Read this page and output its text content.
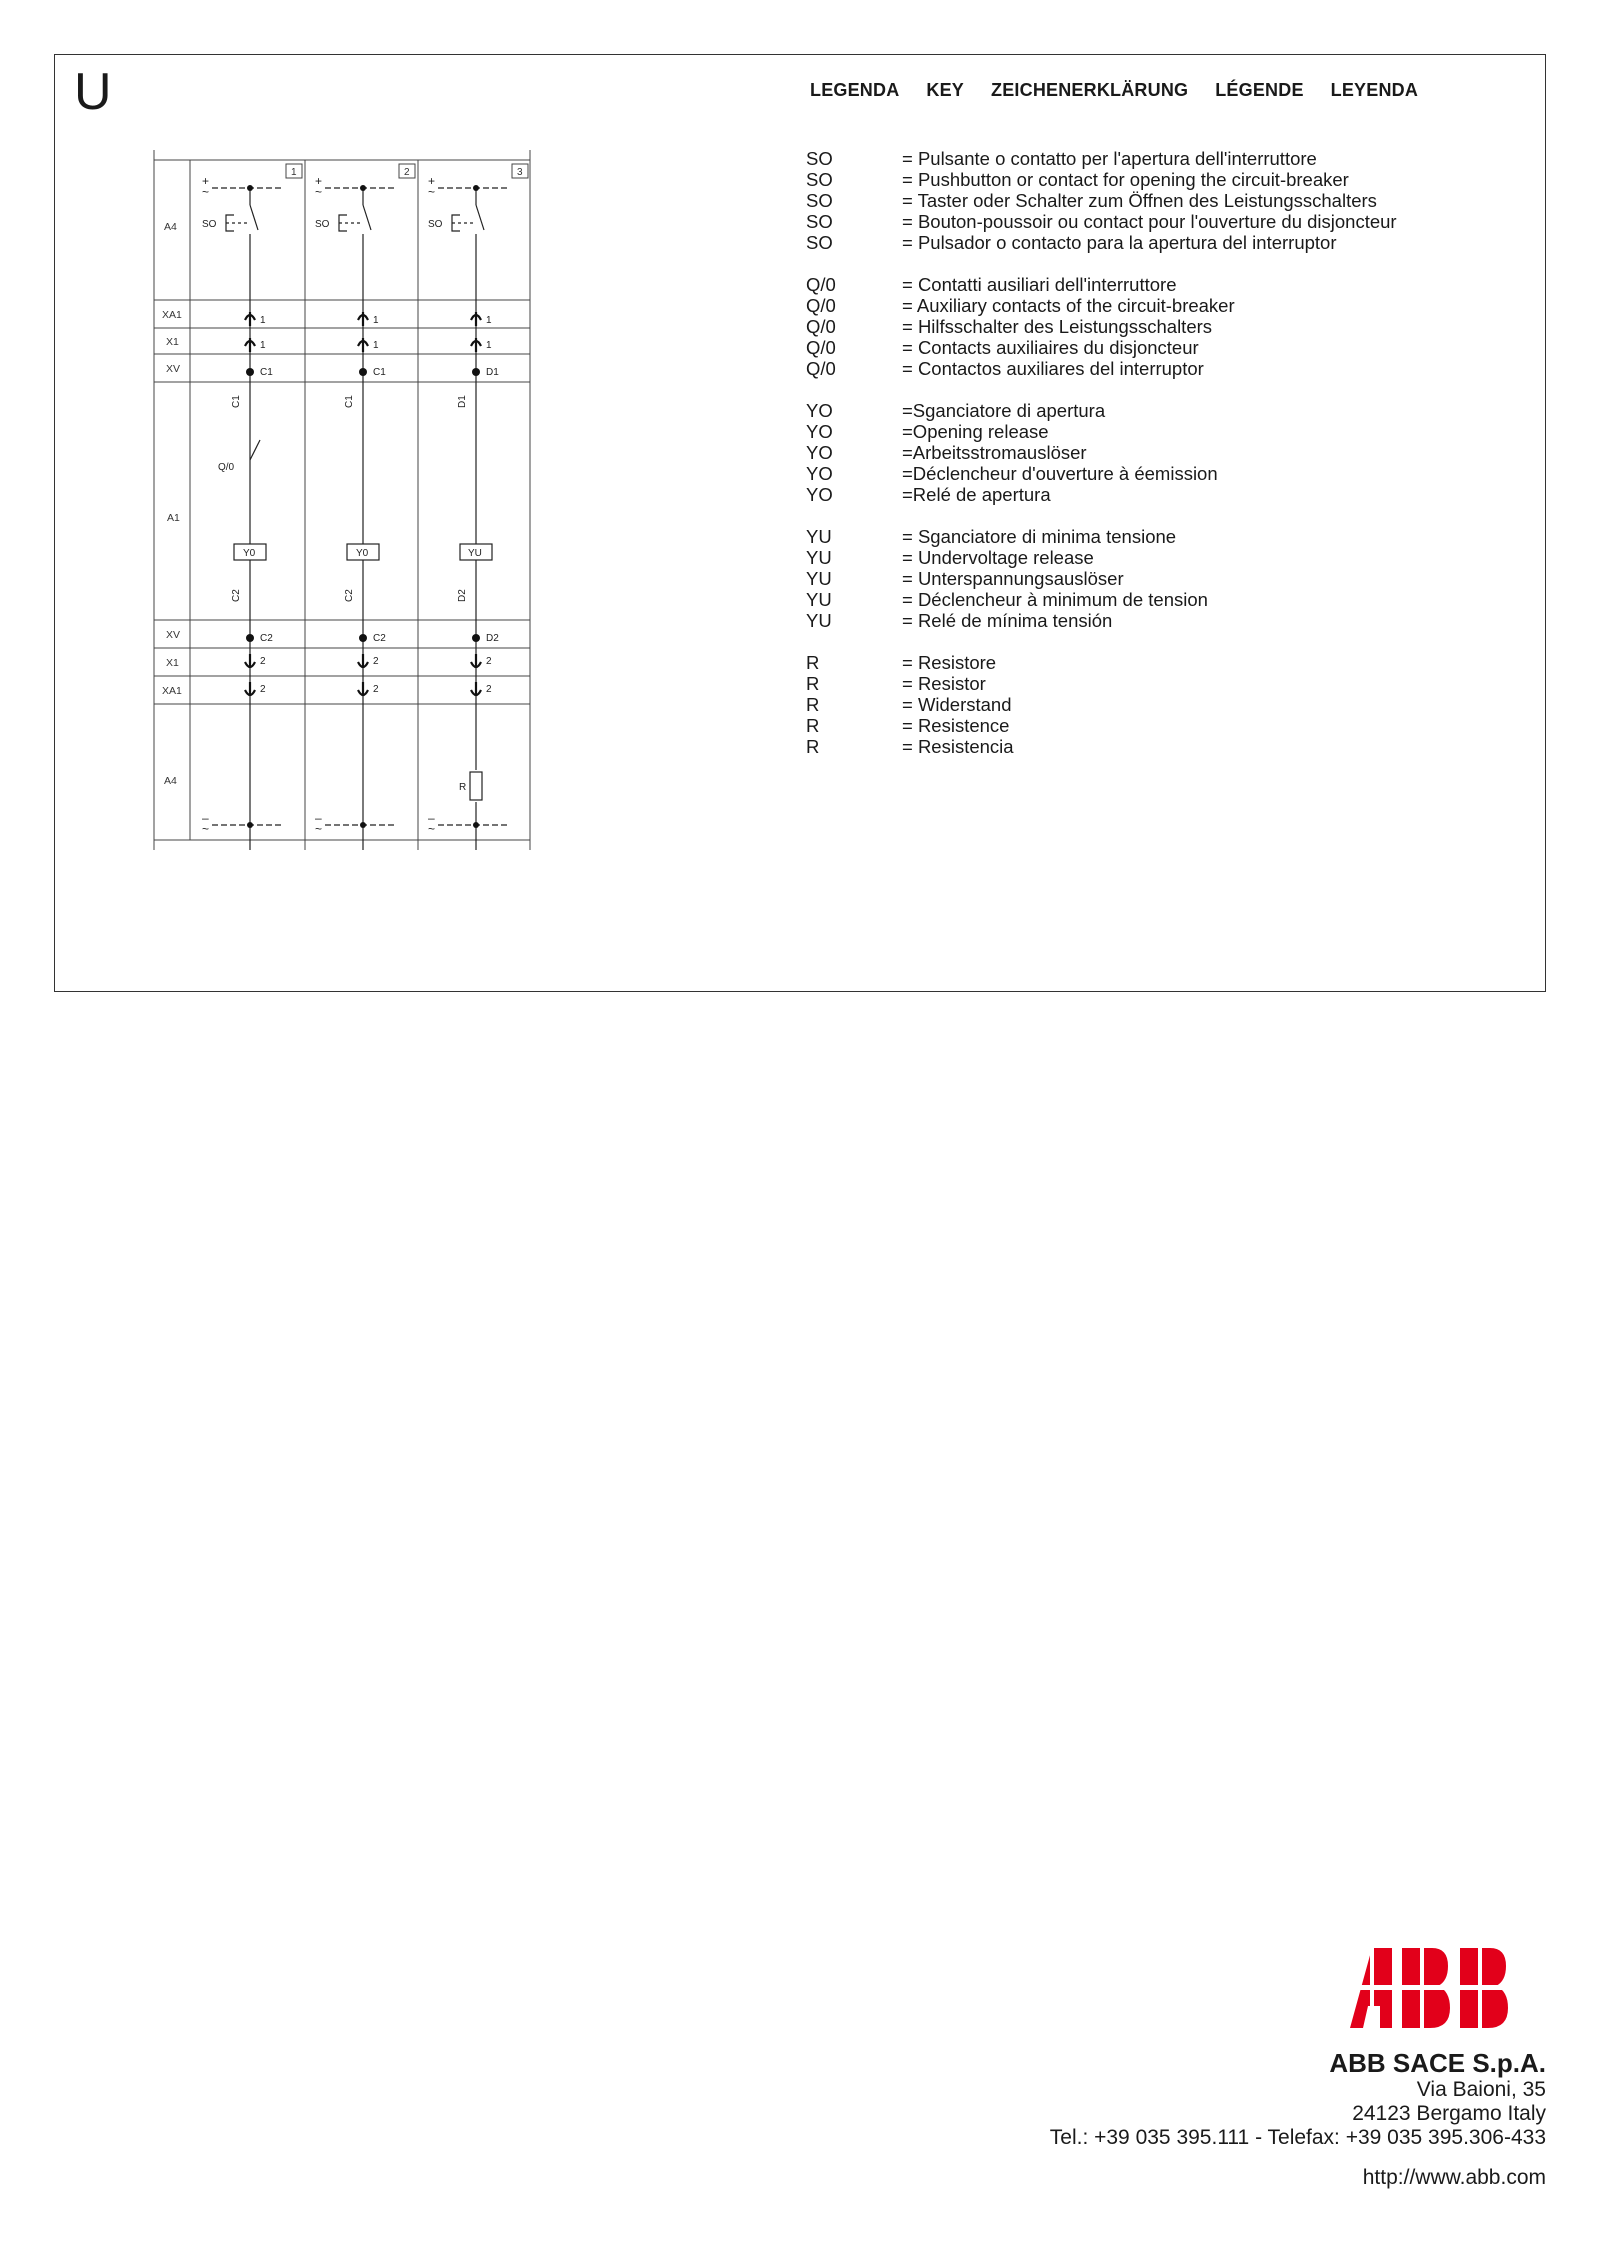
U
A4
XA1
X1
XV
A1
XV
X1
XA1
A4
1	2	3
SO	SO	SO
1
1
1
1
1
1
C1	C1	D1
Q/0
Y0	Y0	YU
C2	C2	D2
2
2
2
2
2
2
R
C1	C1	D1
C2	C2	D2
+
~
+
~
+
~
–
~
–
~
–
~
LEGENDA KEY ZEICHENERKLÄRUNG LÉGENDE LEYENDA
SO	= Pulsante o contatto per l'apertura dell'interruttore
SO	= Pushbutton or contact for opening the circuit-breaker
SO	= Taster oder Schalter zum Öffnen des Leistungsschalters
SO	= Bouton-poussoir ou contact pour l'ouverture du disjoncteur
SO	= Pulsador o contacto para la apertura del interruptor
Q/0	= Contatti ausiliari dell'interruttore
Q/0	= Auxiliary contacts of the circuit-breaker
Q/0	= Hilfsschalter des Leistungsschalters
Q/0	= Contacts auxiliaires du disjoncteur
Q/0	= Contactos auxiliares del interruptor
YO	=Sganciatore di apertura
YO	=Opening release
YO	=Arbeitsstromauslöser
YO	=Déclencheur d'ouverture à éemission
YO	=Relé de apertura
YU	= Sganciatore di minima tensione
YU	= Undervoltage release
YU	= Unterspannungsauslöser
YU	= Déclencheur à minimum de tension
YU	= Relé de mínima tensión
R	= Resistore
R	= Resistor
R	= Widerstand
R	= Resistence
R	= Resistencia
ABB SACE S.p.A.
Via Baioni, 35
24123 Bergamo Italy
Tel.: +39 035 395.111 - Telefax: +39 035 395.306-433
http://www.abb.com
